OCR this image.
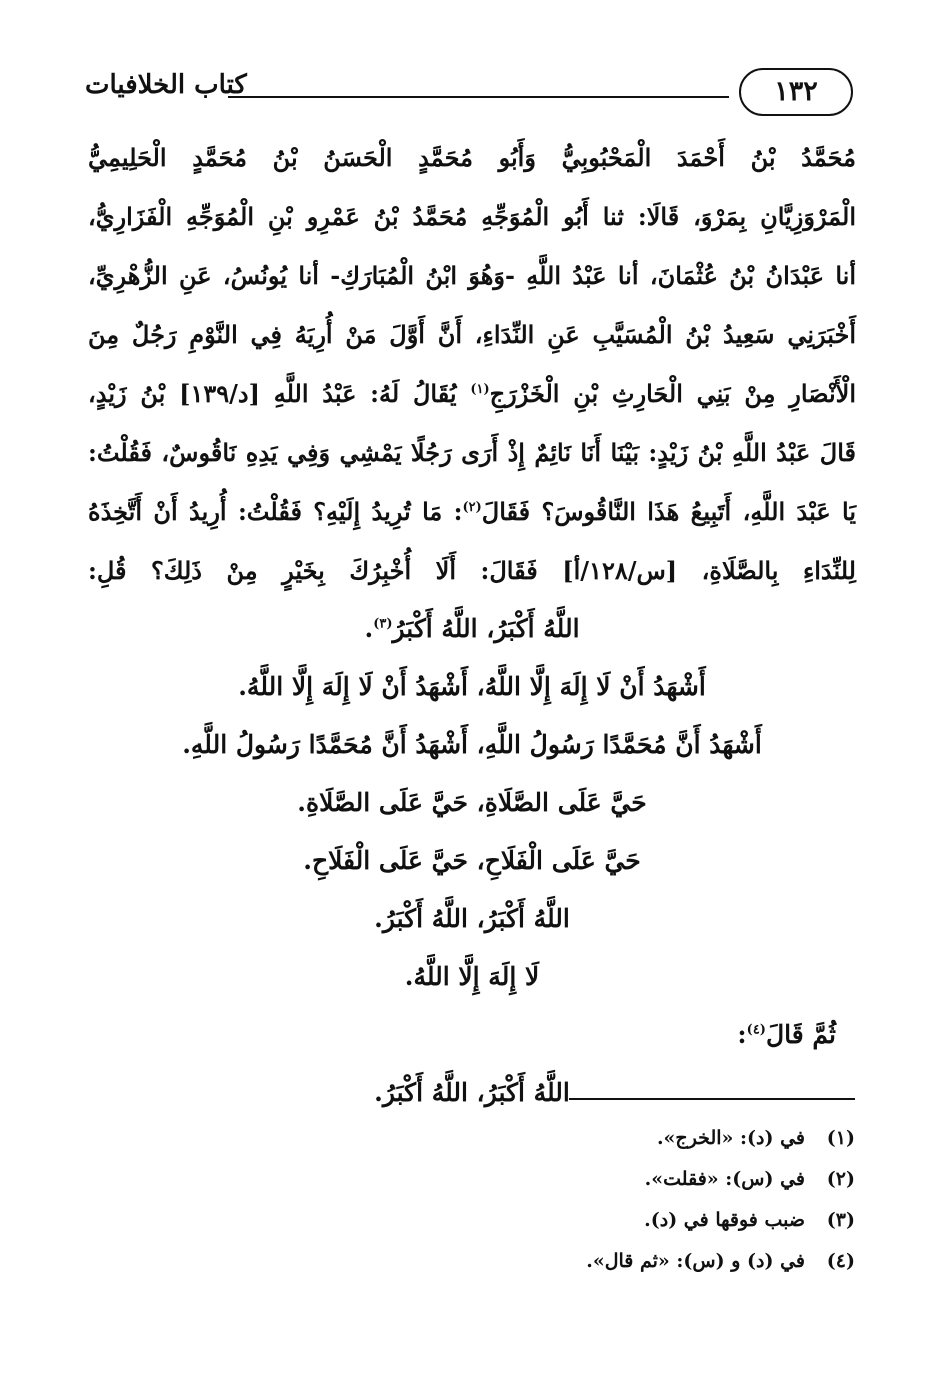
كتاب الخلافيات	١٣٢
مُحَمَّدُ بْنُ أَحْمَدَ الْمَحْبُوبِيُّ وَأَبُو مُحَمَّدٍ الْحَسَنُ بْنُ مُحَمَّدٍ الْحَلِيمِيُّ
الْمَرْوَزِيَّانِ بِمَرْوَ، قَالَا: ثنا أَبُو الْمُوَجِّهِ مُحَمَّدُ بْنُ عَمْرِو بْنِ الْمُوَجِّهِ الْفَزَارِيُّ،
أنا عَبْدَانُ بْنُ عُثْمَانَ، أنا عَبْدُ اللَّهِ -وَهُوَ ابْنُ الْمُبَارَكِ- أنا يُونُسُ، عَنِ الزُّهْرِيِّ،
أَخْبَرَنِي سَعِيدُ بْنُ الْمُسَيَّبِ عَنِ النِّدَاءِ، أَنَّ أَوَّلَ مَنْ أُرِيَهُ فِي النَّوْمِ رَجُلٌ مِنَ
الْأَنْصَارِ مِنْ بَنِي الْحَارِثِ بْنِ الْخَزْرَجِ$^{(١)}$ يُقَالُ لَهُ: عَبْدُ اللَّهِ [د/١٣٩] بْنُ زَيْدٍ،
قَالَ عَبْدُ اللَّهِ بْنُ زَيْدٍ: بَيْنَا أَنَا نَائِمٌ إِذْ أَرَى رَجُلًا يَمْشِي وَفِي يَدِهِ نَاقُوسٌ، فَقُلْتُ:
يَا عَبْدَ اللَّهِ، أَتَبِيعُ هَذَا النَّاقُوسَ؟ فَقَالَ$^{(٢)}$: مَا تُرِيدُ إِلَيْهِ؟ فَقُلْتُ: أُرِيدُ أَنْ أَتَّخِذَهُ
لِلنِّدَاءِ بِالصَّلَاةِ، [س/١٢٨/أ] فَقَالَ: أَلَا أُخْبِرُكَ بِخَيْرٍ مِنْ ذَلِكَ؟ قُلِ:
اللَّهُ أَكْبَرُ، اللَّهُ أَكْبَرُ$^{(٣)}$.
أَشْهَدُ أَنْ لَا إِلَهَ إِلَّا اللَّهُ، أَشْهَدُ أَنْ لَا إِلَهَ إِلَّا اللَّهُ.
أَشْهَدُ أَنَّ مُحَمَّدًا رَسُولُ اللَّهِ، أَشْهَدُ أَنَّ مُحَمَّدًا رَسُولُ اللَّهِ.
حَيَّ عَلَى الصَّلَاةِ، حَيَّ عَلَى الصَّلَاةِ.
حَيَّ عَلَى الْفَلَاحِ، حَيَّ عَلَى الْفَلَاحِ.
اللَّهُ أَكْبَرُ، اللَّهُ أَكْبَرُ.
لَا إِلَهَ إِلَّا اللَّهُ.
ثُمَّ قَالَ$^{(٤)}$:
اللَّهُ أَكْبَرُ، اللَّهُ أَكْبَرُ.
(١)في (د): «الخرج».
(٢)في (س): «فقلت».
(٣)ضبب فوقها في (د).
(٤)في (د) و (س): «ثم قال».
